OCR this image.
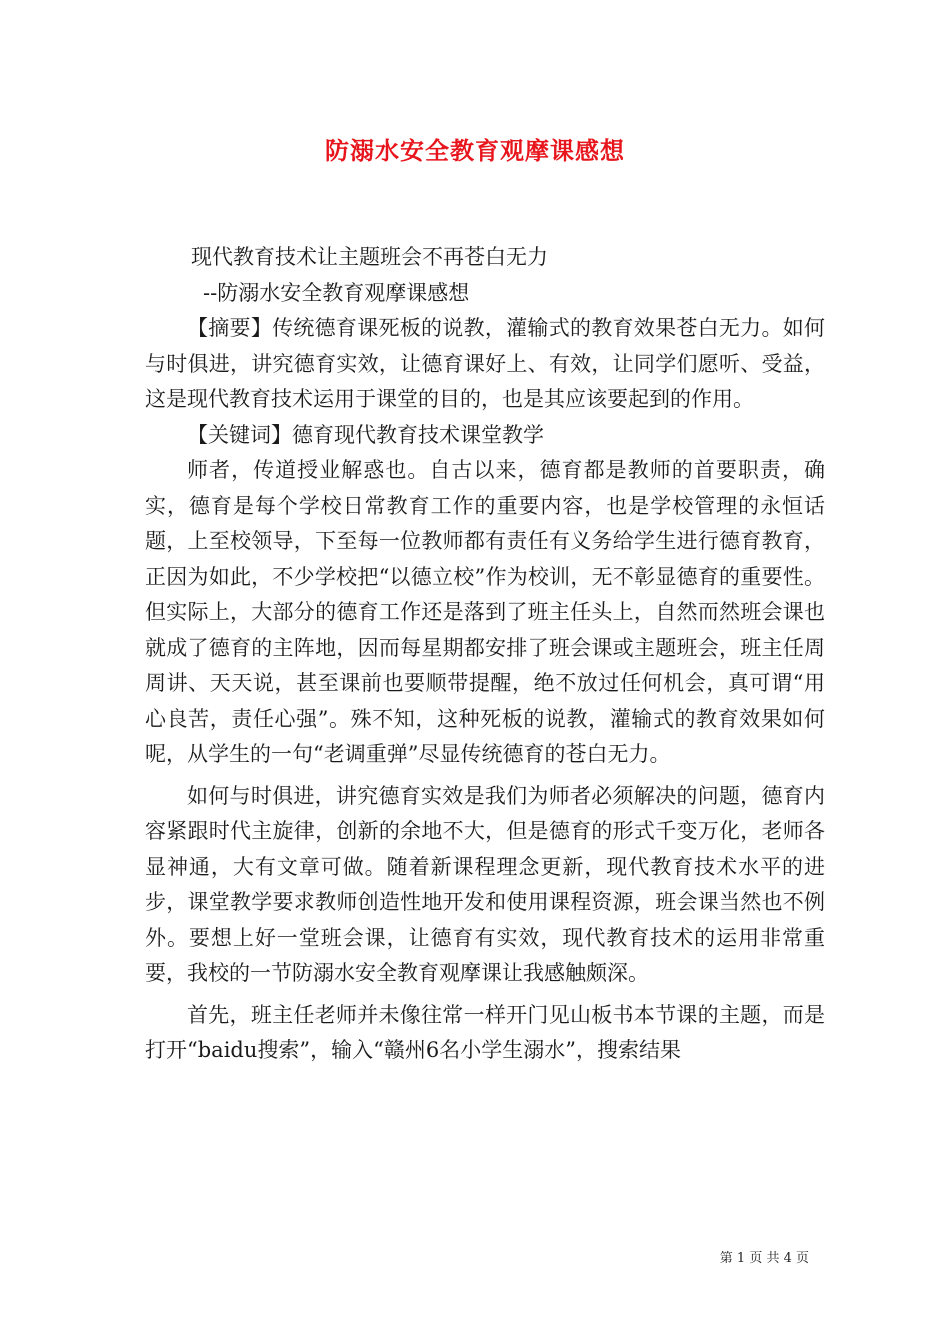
防溺水安全教育观摩课感想

现代教育技术让主题班会不再苍白无力

--防溺水安全教育观摩课感想

【摘要】传统德育课死板的说教，灌输式的教育效果苍白无力。如何与时俱进，讲究德育实效，让德育课好上、有效，让同学们愿听、受益，这是现代教育技术运用于课堂的目的，也是其应该要起到的作用。

【关键词】德育现代教育技术课堂教学

师者，传道授业解惑也。自古以来，德育都是教师的首要职责，确实，德育是每个学校日常教育工作的重要内容，也是学校管理的永恒话题，上至校领导，下至每一位教师都有责任有义务给学生进行德育教育，正因为如此，不少学校把“以德立校”作为校训，无不彰显德育的重要性。但实际上，大部分的德育工作还是落到了班主任头上，自然而然班会课也就成了德育的主阵地，因而每星期都安排了班会课或主题班会，班主任周周讲、天天说，甚至课前也要顺带提醒，绝不放过任何机会，真可谓“用心良苦，责任心强”。殊不知，这种死板的说教，灌输式的教育效果如何呢，从学生的一句“老调重弹”尽显传统德育的苍白无力。

如何与时俱进，讲究德育实效是我们为师者必须解决的问题，德育内容紧跟时代主旋律，创新的余地不大，但是德育的形式千变万化，老师各显神通，大有文章可做。随着新课程理念更新，现代教育技术水平的进步，课堂教学要求教师创造性地开发和使用课程资源，班会课当然也不例外。要想上好一堂班会课，让德育有实效，现代教育技术的运用非常重要，我校的一节防溺水安全教育观摩课让我感触颇深。

首先，班主任老师并未像往常一样开门见山板书本节课的主题，而是打开“baidu搜索”，输入“赣州6名小学生溺水”，搜索结果

第 1 页 共 4 页
